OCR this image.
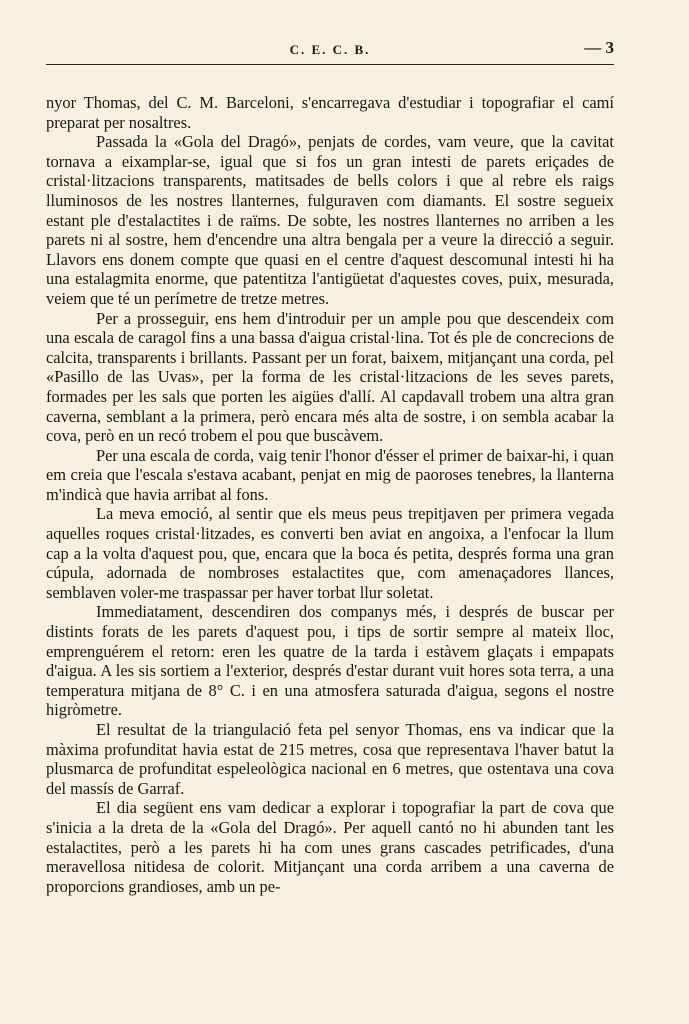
C. E. C. B.	— 3

nyor Thomas, del C. M. Barceloni, s'encarregava d'estudiar i topografiar el camí preparat per nosaltres.

Passada la «Gola del Dragó», penjats de cordes, vam veure, que la cavitat tornava a eixamplar-se, igual que si fos un gran intesti de parets eriçades de cristal·litzacions transparents, matitsades de bells colors i que al rebre els raigs lluminosos de les nostres llanternes, fulguraven com diamants. El sostre segueix estant ple d'estalactites i de raïms. De sobte, les nostres llanternes no arriben a les parets ni al sostre, hem d'encendre una altra bengala per a veure la direcció a seguir. Llavors ens donem compte que quasi en el centre d'aquest descomunal intesti hi ha una estalagmita enorme, que patentitza l'antigüetat d'aquestes coves, puix, mesurada, veiem que té un perímetre de tretze metres.

Per a prosseguir, ens hem d'introduir per un ample pou que descendeix com una escala de caragol fins a una bassa d'aigua cristal·lina. Tot és ple de concrecions de calcita, transparents i brillants. Passant per un forat, baixem, mitjançant una corda, pel «Pasillo de las Uvas», per la forma de les cristal·litzacions de les seves parets, formades per les sals que porten les aigües d'allí. Al capdavall trobem una altra gran caverna, semblant a la primera, però encara més alta de sostre, i on sembla acabar la cova, però en un recó trobem el pou que buscàvem.

Per una escala de corda, vaig tenir l'honor d'ésser el primer de baixar-hi, i quan em creia que l'escala s'estava acabant, penjat en mig de paoroses tenebres, la llanterna m'indicà que havia arribat al fons.

La meva emoció, al sentir que els meus peus trepitjaven per primera vegada aquelles roques cristal·litzades, es converti ben aviat en angoixa, a l'enfocar la llum cap a la volta d'aquest pou, que, encara que la boca és petita, després forma una gran cúpula, adornada de nombroses estalactites que, com amenaçadores llances, semblaven voler-me traspassar per haver torbat llur soletat.

Immediatament, descendiren dos companys més, i després de buscar per distints forats de les parets d'aquest pou, i tips de sortir sempre al mateix lloc, emprenguérem el retorn: eren les quatre de la tarda i estàvem glaçats i empapats d'aigua. A les sis sortiem a l'exterior, després d'estar durant vuit hores sota terra, a una temperatura mitjana de 8° C. i en una atmosfera saturada d'aigua, segons el nostre higròmetre.

El resultat de la triangulació feta pel senyor Thomas, ens va indicar que la màxima profunditat havia estat de 215 metres, cosa que representava l'haver batut la plusmarca de profunditat espeleològica nacional en 6 metres, que ostentava una cova del massís de Garraf.

El dia següent ens vam dedicar a explorar i topografiar la part de cova que s'inicia a la dreta de la «Gola del Dragó». Per aquell cantó no hi abunden tant les estalactites, però a les parets hi ha com unes grans cascades petrificades, d'una meravellosa nitidesa de colorit. Mitjançant una corda arribem a una caverna de proporcions grandioses, amb un pe-
